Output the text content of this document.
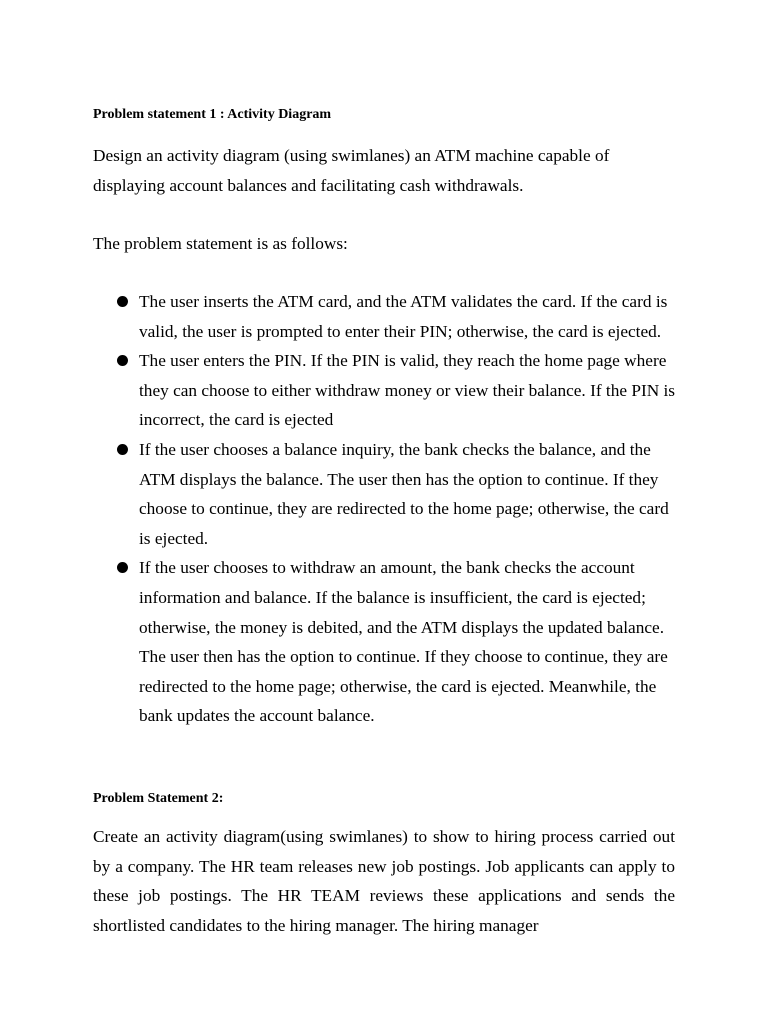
Problem statement 1 : Activity Diagram

Design an activity diagram (using swimlanes) an ATM machine capable of displaying account balances and facilitating cash withdrawals.

The problem statement is as follows:

The user inserts the ATM card, and the ATM validates the card. If the card is valid, the user is prompted to enter their PIN; otherwise, the card is ejected.
The user enters the PIN. If the PIN is valid, they reach the home page where they can choose to either withdraw money or view their balance. If the PIN is incorrect, the card is ejected
If the user chooses a balance inquiry, the bank checks the balance, and the ATM displays the balance. The user then has the option to continue. If they choose to continue, they are redirected to the home page; otherwise, the card is ejected.
If the user chooses to withdraw an amount, the bank checks the account information and balance. If the balance is insufficient, the card is ejected; otherwise, the money is debited, and the ATM displays the updated balance. The user then has the option to continue. If they choose to continue, they are redirected to the home page; otherwise, the card is ejected. Meanwhile, the bank updates the account balance.
Problem Statement 2:

Create an activity diagram(using swimlanes) to show to hiring process carried out by a company. The HR team releases new job postings. Job applicants can apply to these job postings. The HR TEAM reviews these applications and sends the shortlisted candidates to the hiring manager. The hiring manager
